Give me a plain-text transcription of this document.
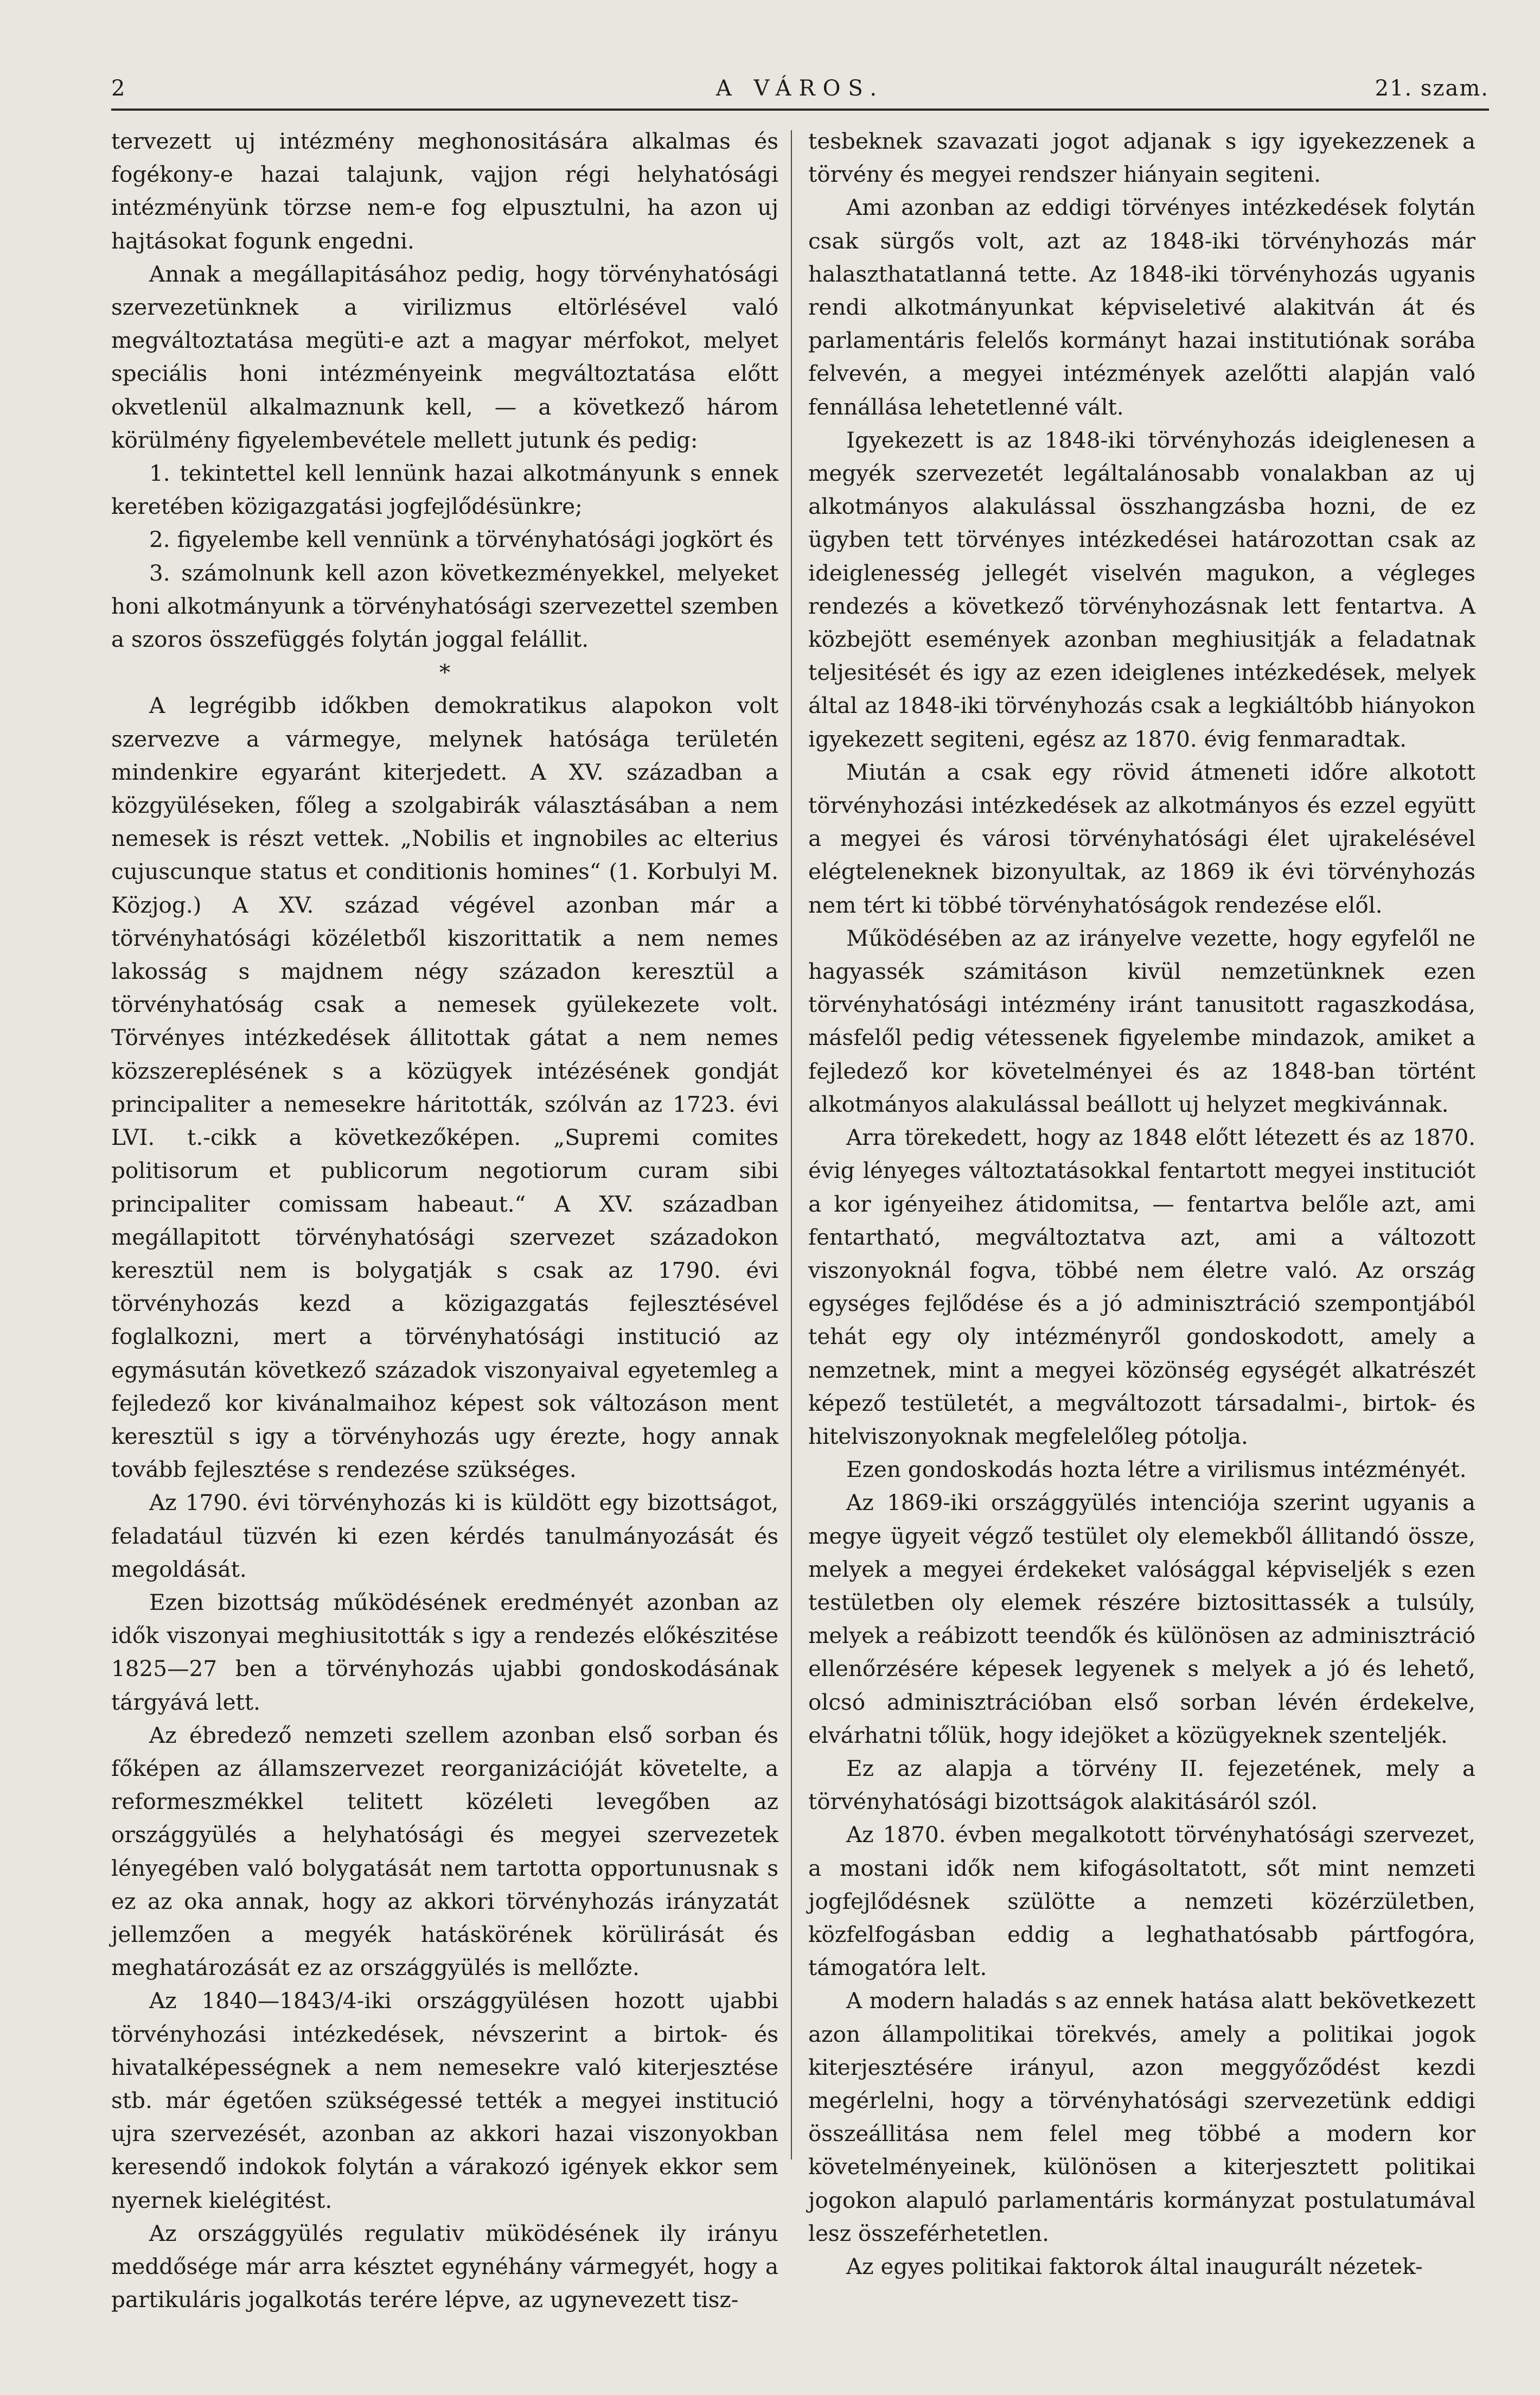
2	A VÁROS.	21. szam.

tervezett uj intézmény meghonositására alkalmas és fogékony-e hazai talajunk, vajjon régi helyhatósági intézményünk törzse nem-e fog elpusztulni, ha azon uj hajtásokat fogunk engedni.

Annak a megállapitásához pedig, hogy törvényhatósági szervezetünknek a virilizmus eltörlésével való megváltoztatása megüti-e azt a magyar mérfokot, melyet speciális honi intézményeink megváltoztatása előtt okvetlenül alkalmaznunk kell, — a következő három körülmény figyelembevétele mellett jutunk és pedig:

1. tekintettel kell lennünk hazai alkotmányunk s ennek keretében közigazgatási jogfejlődésünkre;

2. figyelembe kell vennünk a törvényhatósági jogkört és

3. számolnunk kell azon következményekkel, melyeket honi alkotmányunk a törvényhatósági szervezettel szemben a szoros összefüggés folytán joggal felállit.

*

A legrégibb időkben demokratikus alapokon volt szervezve a vármegye, melynek hatósága területén mindenkire egyaránt kiterjedett. A XV. században a közgyüléseken, főleg a szolgabirák választásában a nem nemesek is részt vettek. „Nobilis et ingnobiles ac elterius cujuscunque status et conditionis homines“ (1. Korbulyi M. Közjog.) A XV. század végével azonban már a törvényhatósági közéletből kiszorittatik a nem nemes lakosság s majdnem négy századon keresztül a törvényhatóság csak a nemesek gyülekezete volt. Törvényes intézkedések állitottak gátat a nem nemes közszereplésének s a közügyek intézésének gondját principaliter a nemesekre háritották, szólván az 1723. évi LVI. t.-cikk a következőképen. „Supremi comites politisorum et publicorum negotiorum curam sibi principaliter comissam habeaut.“ A XV. században megállapitott törvényhatósági szervezet századokon keresztül nem is bolygatják s csak az 1790. évi törvényhozás kezd a közigazgatás fejlesztésével foglalkozni, mert a törvényhatósági institució az egymásután következő századok viszonyaival egyetemleg a fejledező kor kivánalmaihoz képest sok változáson ment keresztül s igy a törvényhozás ugy érezte, hogy annak tovább fejlesztése s rendezése szükséges.

Az 1790. évi törvényhozás ki is küldött egy bizottságot, feladatául tüzvén ki ezen kérdés tanulmányozását és megoldását.

Ezen bizottság működésének eredményét azonban az idők viszonyai meghiusitották s igy a rendezés előkészitése 1825—27 ben a törvényhozás ujabbi gondoskodásának tárgyává lett.

Az ébredező nemzeti szellem azonban első sorban és főképen az államszervezet reorganizációját követelte, a reformeszmékkel telitett közéleti levegőben az országgyülés a helyhatósági és megyei szervezetek lényegében való bolygatását nem tartotta opportunusnak s ez az oka annak, hogy az akkori törvényhozás irányzatát jellemzően a megyék hatáskörének körülirását és meghatározását ez az országgyülés is mellőzte.

Az 1840—1843/4-iki országgyülésen hozott ujabbi törvényhozási intézkedések, névszerint a birtok- és hivatalképességnek a nem nemesekre való kiterjesztése stb. már égetően szükségessé tették a megyei institució ujra szervezését, azonban az akkori hazai viszonyokban keresendő indokok folytán a várakozó igények ekkor sem nyernek kielégitést.

Az országgyülés regulativ müködésének ily irányu meddősége már arra késztet egynéhány vármegyét, hogy a partikuláris jogalkotás terére lépve, az ugynevezett tisz-

tesbeknek szavazati jogot adjanak s igy igyekezzenek a törvény és megyei rendszer hiányain segiteni.

Ami azonban az eddigi törvényes intézkedések folytán csak sürgős volt, azt az 1848-iki törvényhozás már halaszthatatlanná tette. Az 1848-iki törvényhozás ugyanis rendi alkotmányunkat képviseletivé alakitván át és parlamentáris felelős kormányt hazai institutiónak sorába felvevén, a megyei intézmények azelőtti alapján való fennállása lehetetlenné vált.

Igyekezett is az 1848-iki törvényhozás ideiglenesen a megyék szervezetét legáltalánosabb vonalakban az uj alkotmányos alakulással összhangzásba hozni, de ez ügyben tett törvényes intézkedései határozottan csak az ideiglenesség jellegét viselvén magukon, a végleges rendezés a következő törvényhozásnak lett fentartva. A közbejött események azonban meghiusitják a feladatnak teljesitését és igy az ezen ideiglenes intézkedések, melyek által az 1848-iki törvényhozás csak a legkiáltóbb hiányokon igyekezett segiteni, egész az 1870. évig fenmaradtak.

Miután a csak egy rövid átmeneti időre alkotott törvényhozási intézkedések az alkotmányos és ezzel együtt a megyei és városi törvényhatósági élet ujrakelésével elégteleneknek bizonyultak, az 1869 ik évi törvényhozás nem tért ki többé törvényhatóságok rendezése elől.

Működésében az az irányelve vezette, hogy egyfelől ne hagyassék számitáson kivül nemzetünknek ezen törvényhatósági intézmény iránt tanusitott ragaszkodása, másfelől pedig vétessenek figyelembe mindazok, amiket a fejledező kor követelményei és az 1848-ban történt alkotmányos alakulással beállott uj helyzet megkivánnak.

Arra törekedett, hogy az 1848 előtt létezett és az 1870. évig lényeges változtatásokkal fentartott megyei instituciót a kor igényeihez átidomitsa, — fentartva belőle azt, ami fentartható, megváltoztatva azt, ami a változott viszonyoknál fogva, többé nem életre való. Az ország egységes fejlődése és a jó adminisztráció szempontjából tehát egy oly intézményről gondoskodott, amely a nemzetnek, mint a megyei közönség egységét alkatrészét képező testületét, a megváltozott társadalmi-, birtok- és hitelviszonyoknak megfelelőleg pótolja.

Ezen gondoskodás hozta létre a virilismus intézményét.

Az 1869-iki országgyülés intenciója szerint ugyanis a megye ügyeit végző testület oly elemekből állitandó össze, melyek a megyei érdekeket valósággal képviseljék s ezen testületben oly elemek részére biztosittassék a tulsúly, melyek a reábizott teendők és különösen az adminisztráció ellenőrzésére képesek legyenek s melyek a jó és lehető, olcsó adminisztrációban első sorban lévén érdekelve, elvárhatni tőlük, hogy idejöket a közügyeknek szenteljék.

Ez az alapja a törvény II. fejezetének, mely a törvényhatósági bizottságok alakitásáról szól.

Az 1870. évben megalkotott törvényhatósági szervezet, a mostani idők nem kifogásoltatott, sőt mint nemzeti jogfejlődésnek szülötte a nemzeti közérzületben, közfelfogásban eddig a leghathatósabb pártfogóra, támogatóra lelt.

A modern haladás s az ennek hatása alatt bekövetkezett azon állampolitikai törekvés, amely a politikai jogok kiterjesztésére irányul, azon meggyőződést kezdi megérlelni, hogy a törvényhatósági szervezetünk eddigi összeállitása nem felel meg többé a modern kor követelményeinek, különösen a kiterjesztett politikai jogokon alapuló parlamentáris kormányzat postulatumával lesz összeférhetetlen.

Az egyes politikai faktorok által inaugurált nézetek-
